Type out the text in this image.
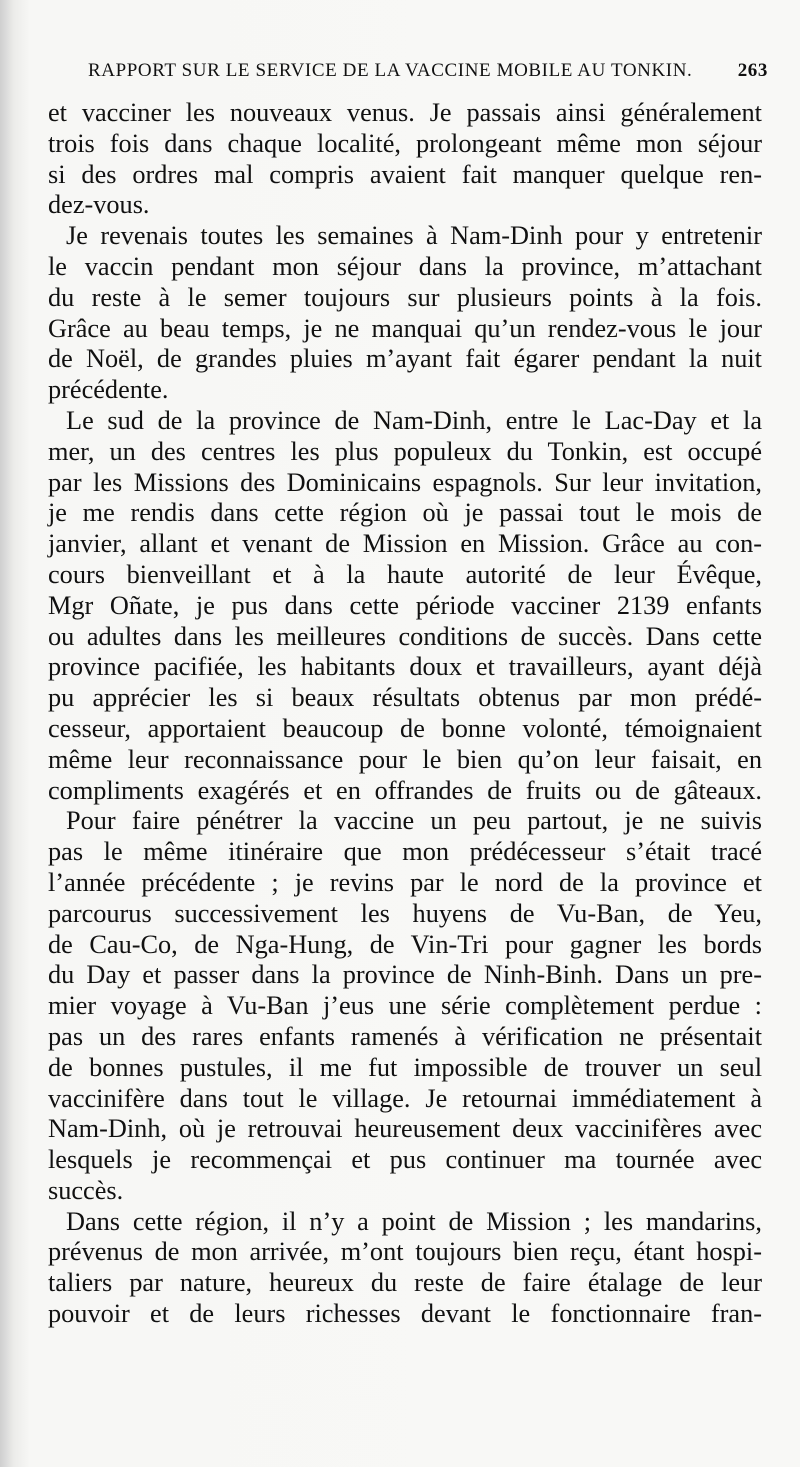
RAPPORT SUR LE SERVICE DE LA VACCINE MOBILE AU TONKIN. 263
et vacciner les nouveaux venus. Je passais ainsi généralement
trois fois dans chaque localité, prolongeant même mon séjour
si des ordres mal compris avaient fait manquer quelque ren-
dez-vous.
Je revenais toutes les semaines à Nam-Dinh pour y entretenir
le vaccin pendant mon séjour dans la province, m’attachant
du reste à le semer toujours sur plusieurs points à la fois.
Grâce au beau temps, je ne manquai qu’un rendez-vous le jour
de Noël, de grandes pluies m’ayant fait égarer pendant la nuit
précédente.
Le sud de la province de Nam-Dinh, entre le Lac-Day et la
mer, un des centres les plus populeux du Tonkin, est occupé
par les Missions des Dominicains espagnols. Sur leur invitation,
je me rendis dans cette région où je passai tout le mois de
janvier, allant et venant de Mission en Mission. Grâce au con-
cours bienveillant et à la haute autorité de leur Évêque,
Mgr Oñate, je pus dans cette période vacciner 2139 enfants
ou adultes dans les meilleures conditions de succès. Dans cette
province pacifiée, les habitants doux et travailleurs, ayant déjà
pu apprécier les si beaux résultats obtenus par mon prédé-
cesseur, apportaient beaucoup de bonne volonté, témoignaient
même leur reconnaissance pour le bien qu’on leur faisait, en
compliments exagérés et en offrandes de fruits ou de gâteaux.
Pour faire pénétrer la vaccine un peu partout, je ne suivis
pas le même itinéraire que mon prédécesseur s’était tracé
l’année précédente ; je revins par le nord de la province et
parcourus successivement les huyens de Vu-Ban, de Yeu,
de Cau-Co, de Nga-Hung, de Vin-Tri pour gagner les bords
du Day et passer dans la province de Ninh-Binh. Dans un pre-
mier voyage à Vu-Ban j’eus une série complètement perdue :
pas un des rares enfants ramenés à vérification ne présentait
de bonnes pustules, il me fut impossible de trouver un seul
vaccinifère dans tout le village. Je retournai immédiatement à
Nam-Dinh, où je retrouvai heureusement deux vaccinifères avec
lesquels je recommençai et pus continuer ma tournée avec
succès.
Dans cette région, il n’y a point de Mission ; les mandarins,
prévenus de mon arrivée, m’ont toujours bien reçu, étant hospi-
taliers par nature, heureux du reste de faire étalage de leur
pouvoir et de leurs richesses devant le fonctionnaire fran-
